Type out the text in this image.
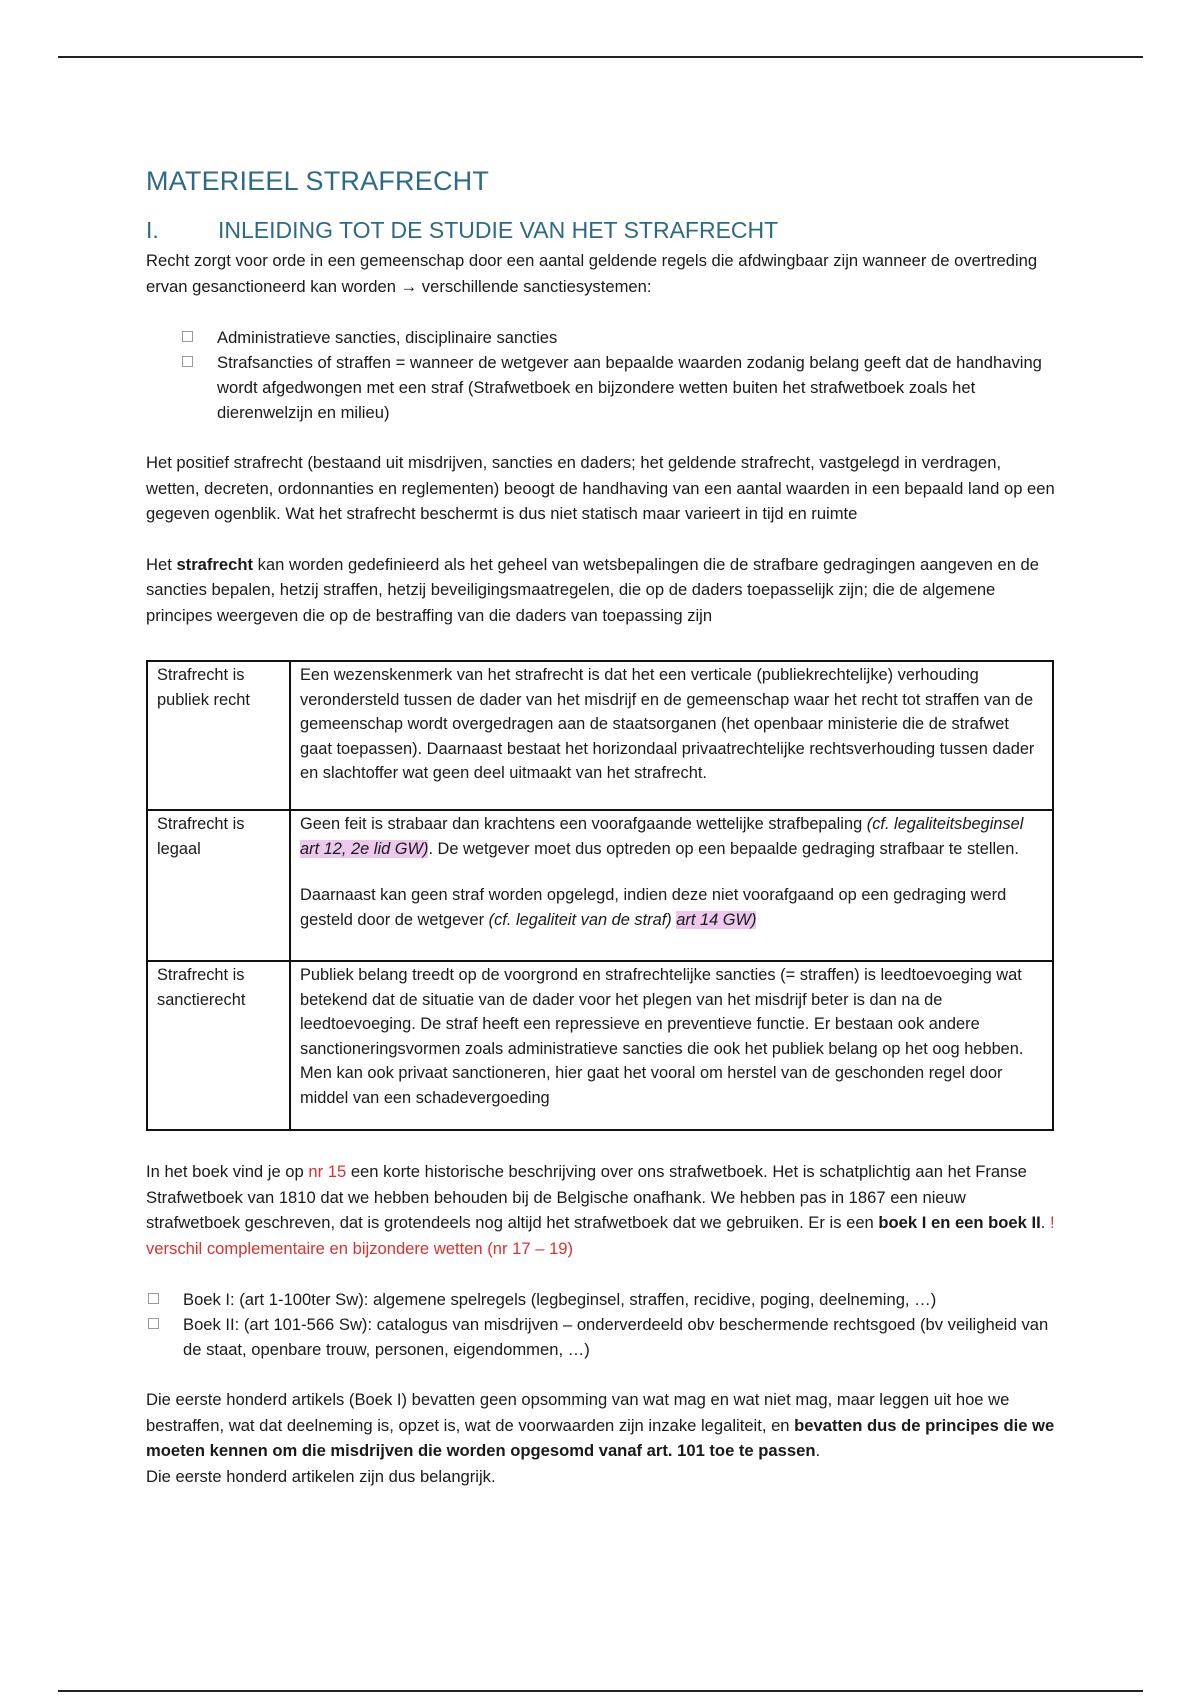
MATERIEEL STRAFRECHT
I.	INLEIDING TOT DE STUDIE VAN HET STRAFRECHT

Recht zorgt voor orde in een gemeenschap door een aantal geldende regels die afdwingbaar zijn wanneer de overtreding ervan gesanctioneerd kan worden → verschillende sanctiesystemen:

Administratieve sancties, disciplinaire sancties
Strafsancties of straffen = wanneer de wetgever aan bepaalde waarden zodanig belang geeft dat de handhaving wordt afgedwongen met een straf (Strafwetboek en bijzondere wetten buiten het strafwetboek zoals het dierenwelzijn en milieu)

Het positief strafrecht (bestaand uit misdrijven, sancties en daders; het geldende strafrecht, vastgelegd in verdragen, wetten, decreten, ordonnanties en reglementen) beoogt de handhaving van een aantal waarden in een bepaald land op een gegeven ogenblik. Wat het strafrecht beschermt is dus niet statisch maar varieert in tijd en ruimte

Het strafrecht kan worden gedefinieerd als het geheel van wetsbepalingen die de strafbare gedragingen aangeven en de sancties bepalen, hetzij straffen, hetzij beveiligingsmaatregelen, die op de daders toepasselijk zijn; die de algemene principes weergeven die op de bestraffing van die daders van toepassing zijn

Strafrecht is publiek recht	Een wezenskenmerk van het strafrecht is dat het een verticale (publiekrechtelijke) verhouding verondersteld tussen de dader van het misdrijf en de gemeenschap waar het recht tot straffen van de gemeenschap wordt overgedragen aan de staatsorganen (het openbaar ministerie die de strafwet gaat toepassen). Daarnaast bestaat het horizondaal privaatrechtelijke rechtsverhouding tussen dader en slachtoffer wat geen deel uitmaakt van het strafrecht.
Strafrecht is legaal	Geen feit is strabaar dan krachtens een voorafgaande wettelijke strafbepaling (cf. legaliteitsbeginsel art 12, 2e lid GW). De wetgever moet dus optreden op een bepaalde gedraging strafbaar te stellen.
Daarnaast kan geen straf worden opgelegd, indien deze niet voorafgaand op een gedraging werd gesteld door de wetgever (cf. legaliteit van de straf) art 14 GW)

Strafrecht is sanctierecht	Publiek belang treedt op de voorgrond en strafrechtelijke sancties (= straffen) is leedtoevoeging wat betekend dat de situatie van de dader voor het plegen van het misdrijf beter is dan na de leedtoevoeging. De straf heeft een repressieve en preventieve functie. Er bestaan ook andere sanctioneringsvormen zoals administratieve sancties die ook het publiek belang op het oog hebben. Men kan ook privaat sanctioneren, hier gaat het vooral om herstel van de geschonden regel door middel van een schadevergoeding

In het boek vind je op nr 15 een korte historische beschrijving over ons strafwetboek. Het is schatplichtig aan het Franse Strafwetboek van 1810 dat we hebben behouden bij de Belgische onafhank. We hebben pas in 1867 een nieuw strafwetboek geschreven, dat is grotendeels nog altijd het strafwetboek dat we gebruiken. Er is een boek I en een boek II. ! verschil complementaire en bijzondere wetten (nr 17 – 19)

Boek I: (art 1-100ter Sw): algemene spelregels (legbeginsel, straffen, recidive, poging, deelneming, …)
Boek II: (art 101-566 Sw): catalogus van misdrijven – onderverdeeld obv beschermende rechtsgoed (bv veiligheid van de staat, openbare trouw, personen, eigendommen, …)

Die eerste honderd artikels (Boek I) bevatten geen opsomming van wat mag en wat niet mag, maar leggen uit hoe we bestraffen, wat dat deelneming is, opzet is, wat de voorwaarden zijn inzake legaliteit, en bevatten dus de principes die we moeten kennen om die misdrijven die worden opgesomd vanaf art. 101 toe te passen.
Die eerste honderd artikelen zijn dus belangrijk.
